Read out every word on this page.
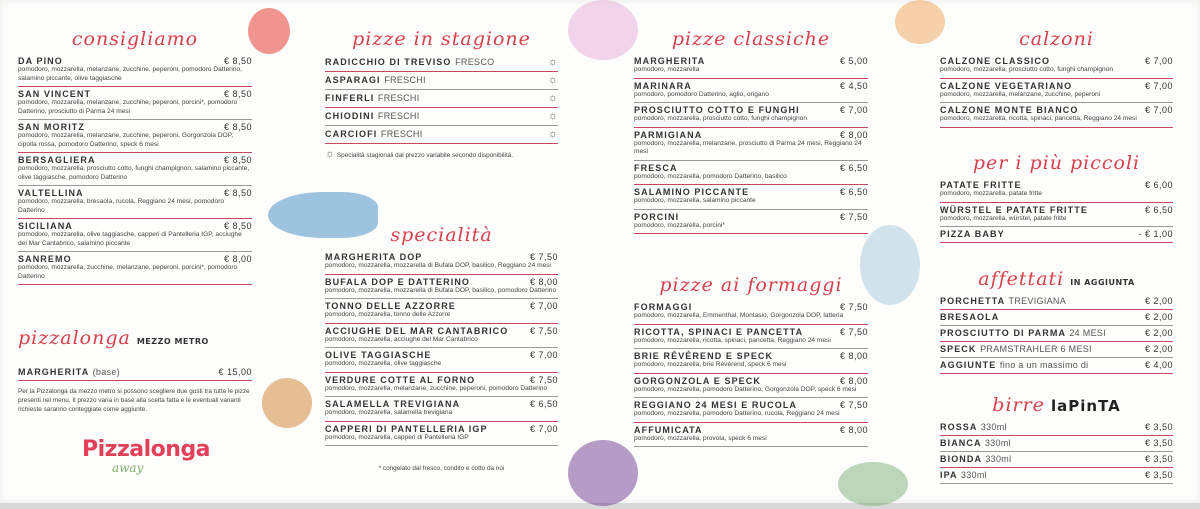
consigliamo
DA PINO	€ 8,50
pomodoro, mozzarella, melanzane, zucchine, peperoni, pomodoro Datterino, salamino piccante, olive taggiasche
SAN VINCENT	€ 8,50
pomodoro, mozzarella, melanzane, zucchine, peperoni, porcini*, pomodoro Datterino, prosciutto di Parma 24 mesi
SAN MORITZ	€ 8,50
pomodoro, mozzarella, melanzane, zucchine, peperoni, Gorgonzola DOP, cipolla rossa, pomodoro Datterino, speck 6 mesi
BERSAGLIERA	€ 8,50
pomodoro, mozzarella, prosciutto cotto, funghi champignon, salamino piccante, olive taggiasche, pomodoro Datterino
VALTELLINA	€ 8,50
pomodoro, mozzarella, bresaola, rucola, Reggiano 24 mesi, pomodoro Datterino
SICILIANA	€ 8,50
pomodoro, mozzarella, olive taggiasche, capperi di Pantelleria IGP, acciughe del Mar Cantabrico, salamino piccante
SANREMO	€ 8,00
pomodoro, mozzarella, zucchine, melanzane, peperoni, porcini*, pomodoro Datterino
pizzalonga MEZZO METRO
MARGHERITA (base)	€ 15,00
Per la Pizzalonga da mezzo metro si possono scegliere due gusti tra tutte le pizze presenti nel menu. Il prezzo varia in base alla scelta fatta e le eventuali varianti richieste saranno conteggiate come aggiunte.
Pizzalonga
away
pizze in stagione
RADICCHIO DI TREVISO FRESCO	☼
ASPARAGI FRESCHI	☼
FINFERLI FRESCHI	☼
CHIODINI FRESCHI	☼
CARCIOFI FRESCHI	☼
☼ Specialità stagionali dal prezzo variabile secondo disponibilità.
specialità
MARGHERITA DOP	€ 7,50
pomodoro, mozzarella, mozzarella di Bufala DOP, basilico, Reggiano 24 mesi
BUFALA DOP E DATTERINO	€ 8,00
pomodoro, mozzarella, mozzarella di Bufala DOP, basilico, pomodoro Datterino
TONNO DELLE AZZORRE	€ 7,00
pomodoro, mozzarella, tonno delle Azzorre
ACCIUGHE DEL MAR CANTABRICO € 7,50
pomodoro, mozzarella, acciughe del Mar Cantabrico
OLIVE TAGGIASCHE	€ 7,00
pomodoro, mozzarella, olive taggiasche
VERDURE COTTE AL FORNO	€ 7,50
pomodoro, mozzarella, melanzane, zucchine, peperoni, pomodoro Datterino
SALAMELLA TREVIGIANA	€ 6,50
pomodoro, mozzarella, salamella trevigiana
CAPPERI DI PANTELLERIA IGP	€ 7,00
pomodoro, mozzarella, capperi di Pantelleria IGP
* congelato dal fresco, condito e cotto da noi
pizze classiche
MARGHERITA	€ 5,00
pomodoro, mozzarella
MARINARA	€ 4,50
pomodoro, pomodoro Datterino, aglio, origano
PROSCIUTTO COTTO E FUNGHI	€ 7,00
pomodoro, mozzarella, prosciutto cotto, funghi champignon
PARMIGIANA	€ 8,00
pomodoro, mozzarella, melanzane, prosciutto di Parma 24 mesi, Reggiano 24 mesi
FRESCA	€ 6,50
pomodoro, mozzarella, pomodoro Datterino, basilico
SALAMINO PICCANTE	€ 6,50
pomodoro, mozzarella, salamino piccante
PORCINI	€ 7,50
pomodoro, mozzarella, porcini*
pizze ai formaggi
FORMAGGI	€ 7,50
pomodoro, mozzarella, Emmenthal, Montasio, Gorgonzola DOP, latteria
RICOTTA, SPINACI E PANCETTA	€ 7,50
pomodoro, mozzarella, ricotta, spinaci, pancetta, Reggiano 24 mesi
BRIE RÉVÉREND E SPECK	€ 8,00
pomodoro, mozzarella, brie Révérend, speck 6 mesi
GORGONZOLA E SPECK	€ 8,00
pomodoro, mozzarella, pomodoro Datterino, Gorgonzola DOP, speck 6 mesi
REGGIANO 24 MESI E RUCOLA	€ 7,50
pomodoro, mozzarella, pomodoro Datterino, rucola, Reggiano 24 mesi
AFFUMICATA	€ 8,00
pomodoro, mozzarella, provola, speck 6 mesi
calzoni
CALZONE CLASSICO	€ 7,00
pomodoro, mozzarella, prosciutto cotto, funghi champignon
CALZONE VEGETARIANO	€ 7,00
pomodoro, mozzarella, melanzane, zucchine, peperoni
CALZONE MONTE BIANCO	€ 7,00
pomodoro, mozzarella, ricotta, spinaci, pancetta, Reggiano 24 mesi
per i più piccoli
PATATE FRITTE	€ 6,00
pomodoro, mozzarella, patate fritte
WÜRSTEL E PATATE FRITTE	€ 6,50
pomodoro, mozzarella, würstel, patate fritte
PIZZA BABY	- € 1,00
affettati IN AGGIUNTA
PORCHETTA TREVIGIANA	€ 2,00
BRESAOLA	€ 2,00
PROSCIUTTO DI PARMA 24 MESI	€ 2,00
SPECK PRAMSTRAHLER 6 MESI	€ 2,00
AGGIUNTE fino a un massimo di	€ 4,00
birre laPinTA
ROSSA 330ml	€ 3,50
BIANCA 330ml	€ 3,50
BIONDA 330ml	€ 3,50
IPA 330ml	€ 3,50
